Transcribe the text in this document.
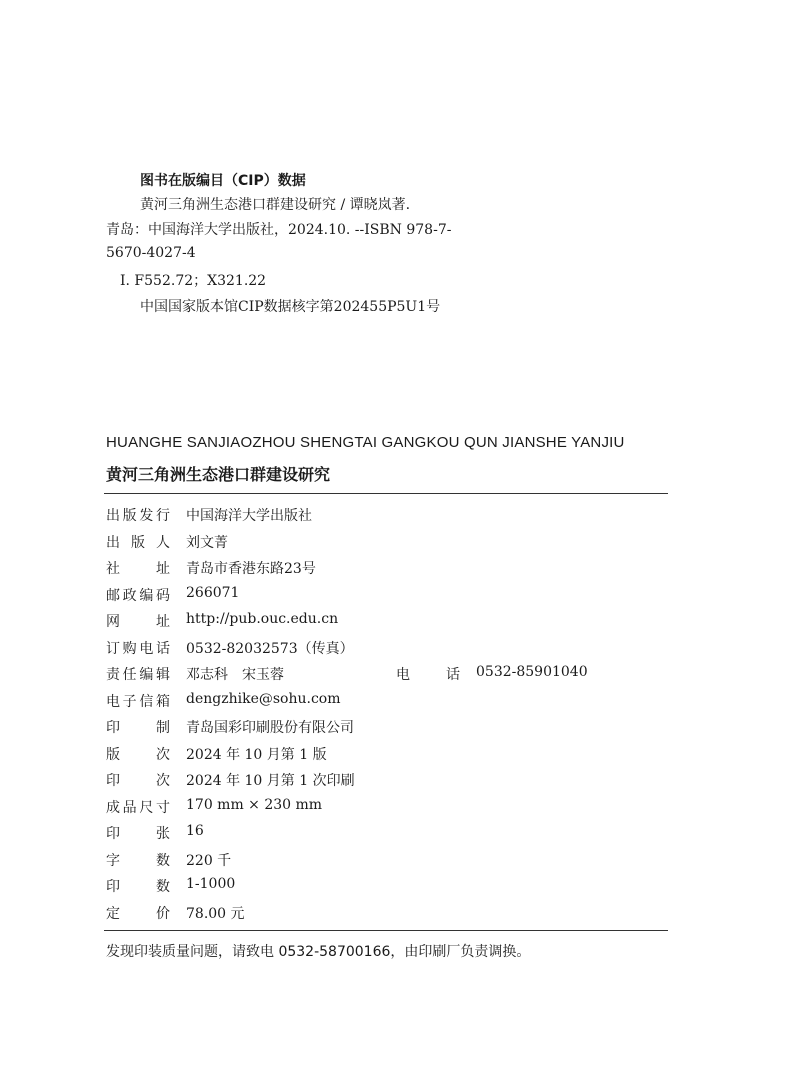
图书在版编目（CIP）数据
黄河三角洲生态港口群建设研究 / 谭晓岚著.
青岛：中国海洋大学出版社，2024.10. --ISBN 978-7-
5670-4027-4
I. F552.72；X321.22
中国国家版本馆CIP数据核字第202455P5U1号
HUANGHE SANJIAOZHOU SHENGTAI GANGKOU QUN JIANSHE YANJIU
黄河三角洲生态港口群建设研究
出 版 发 行 中国海洋大学出版社
出 版 人 刘文菁
社	址 青岛市香港东路23号
邮 政 编 码 266071
网	址 http://pub.ouc.edu.cn
订 购 电 话 0532-82032573（传真）
责 任 编 辑 邓志科　宋玉蓉	电	话 0532-85901040
电 子 信 箱 dengzhike@sohu.com
印	制 青岛国彩印刷股份有限公司
版	次 2024 年 10 月第 1 版
印	次 2024 年 10 月第 1 次印刷
成 品 尺 寸 170 mm × 230 mm
印	张 16
字	数 220 千
印	数 1-1000
定	价 78.00 元
发现印装质量问题，请致电 0532-58700166，由印刷厂负责调换。
